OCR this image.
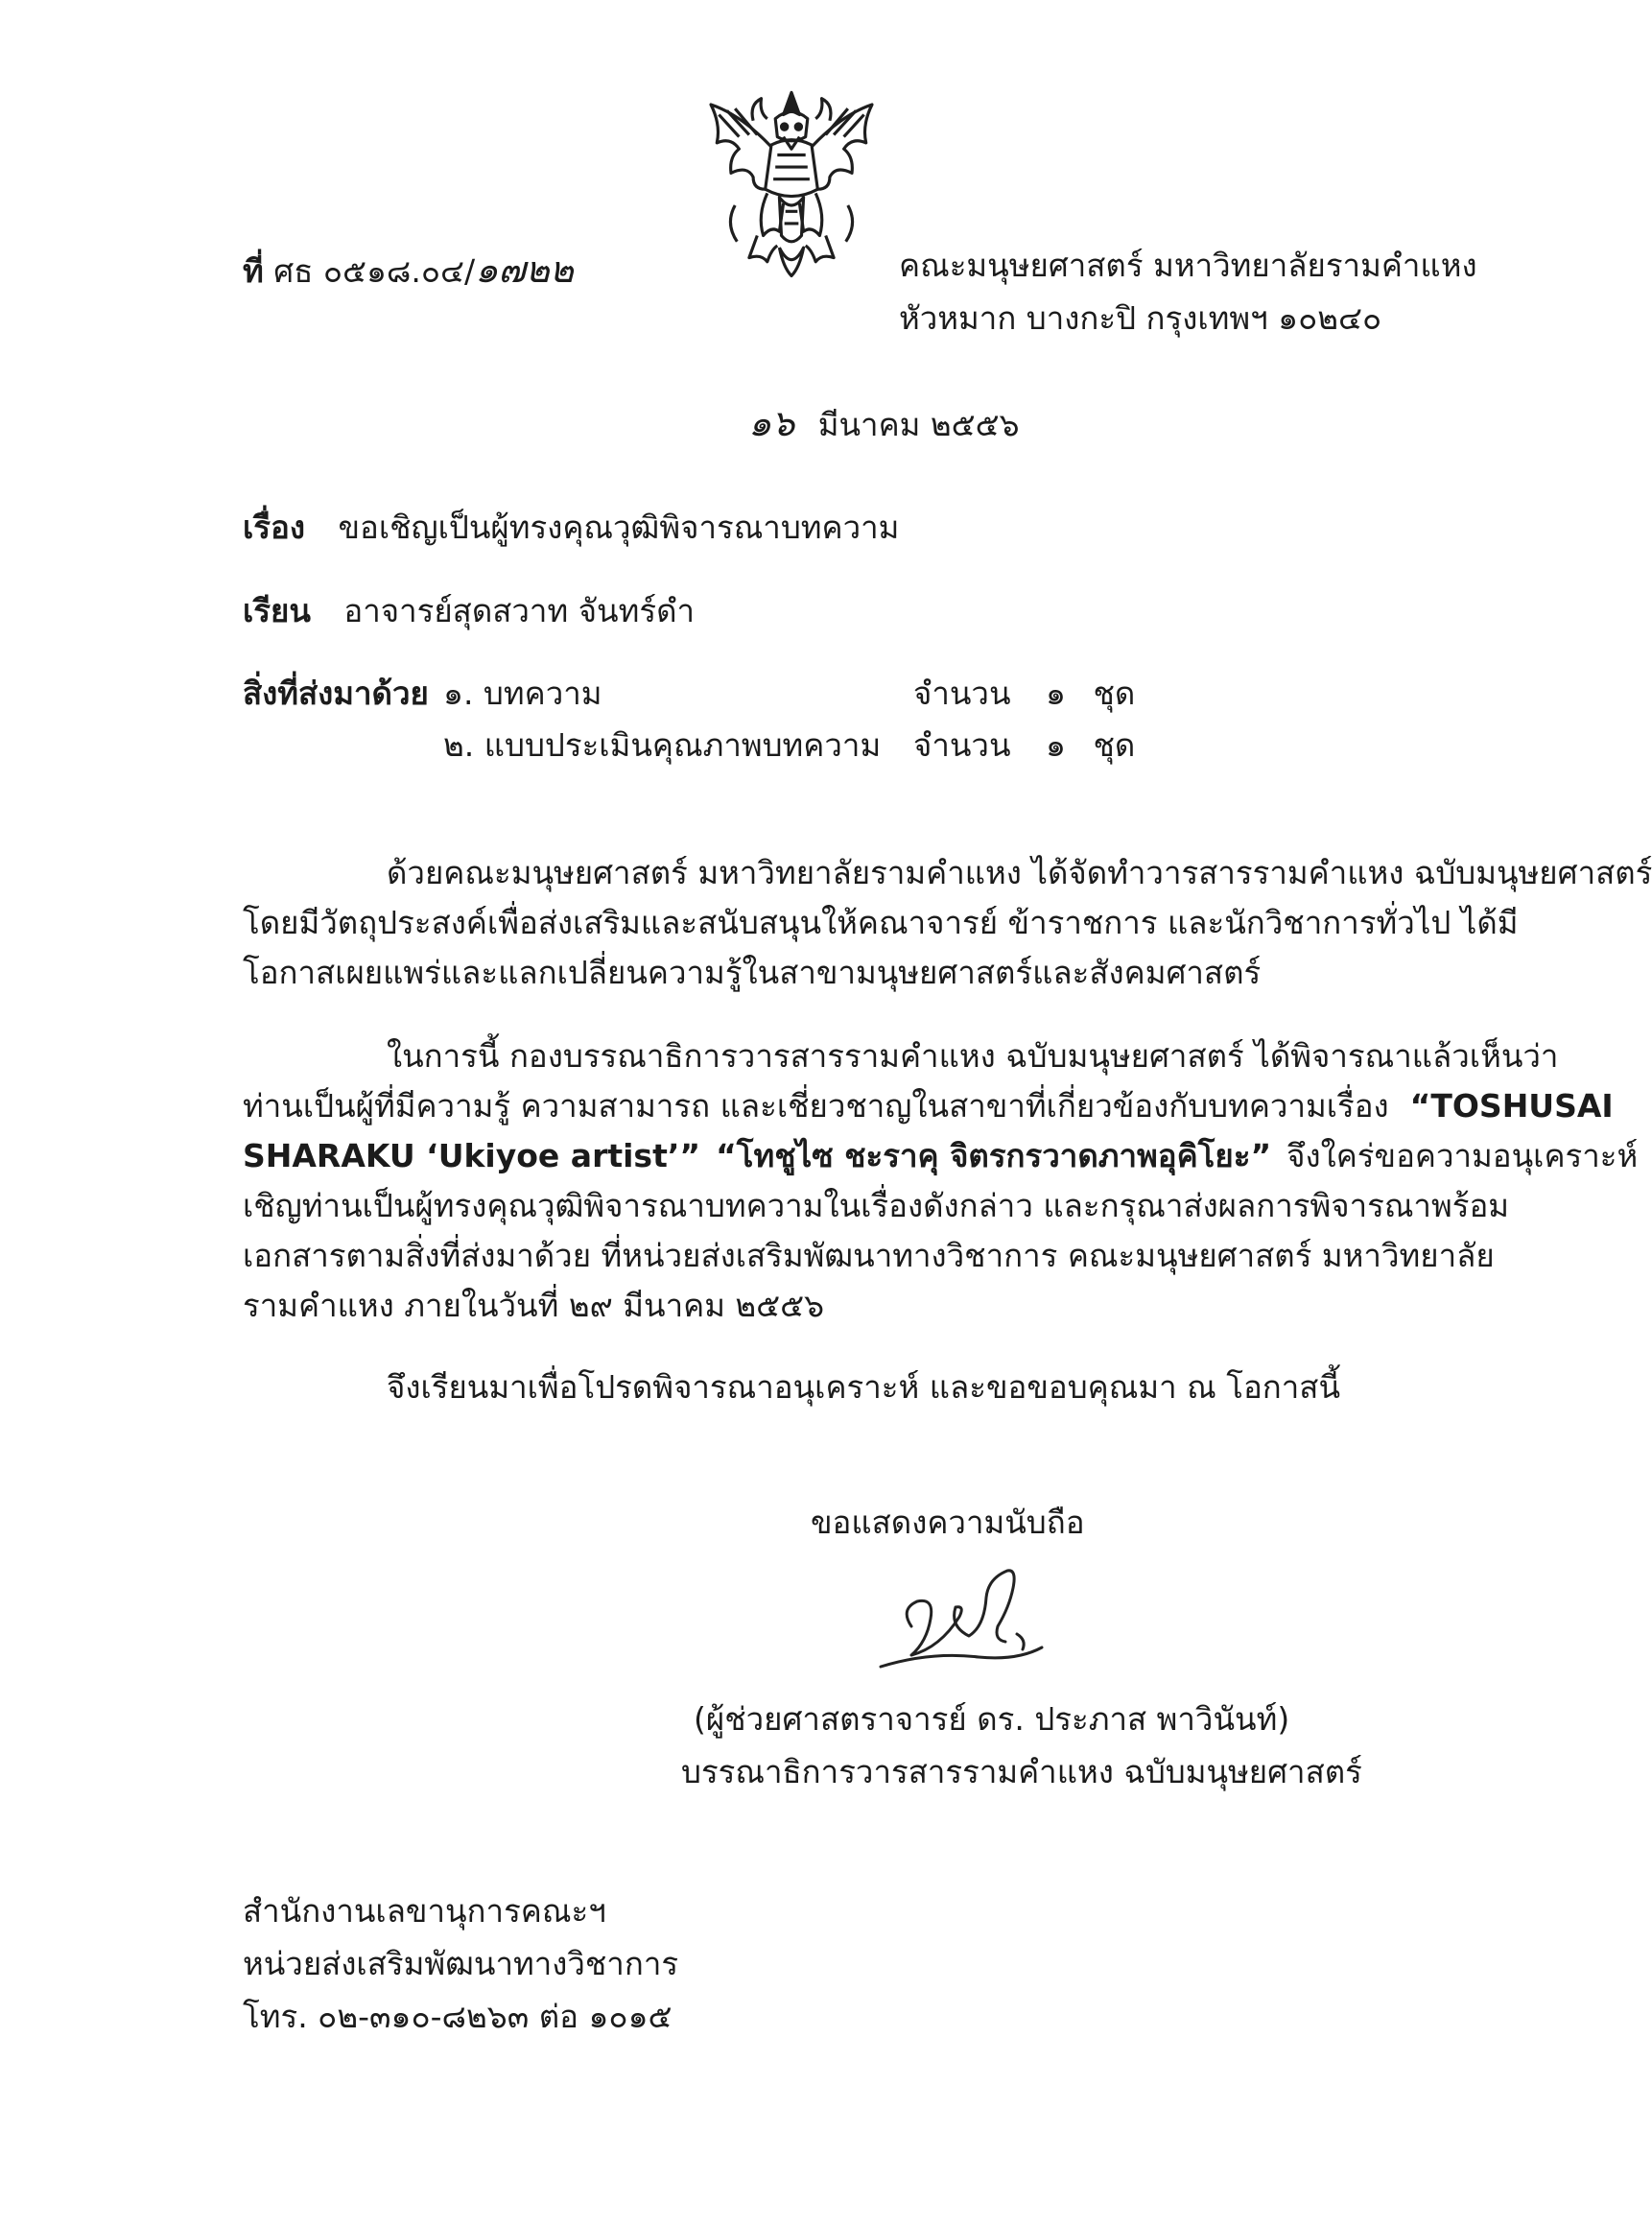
ที่ ศธ ๐๕๑๘.๐๔/๑๗๒๒	คณะมนุษยศาสตร์ มหาวิทยาลัยรามคำแหง
หัวหมาก บางกะปิ กรุงเทพฯ ๑๐๒๔๐
๑๖ มีนาคม ๒๕๕๖
เรื่อง ขอเชิญเป็นผู้ทรงคุณวุฒิพิจารณาบทความ
เรียน อาจารย์สุดสวาท จันทร์ดำ
สิ่งที่ส่งมาด้วย ๑. บทความ	จำนวน ๑ ชุด
๒. แบบประเมินคุณภาพบทความ จำนวน ๑ ชุด
ด้วยคณะมนุษยศาสตร์ มหาวิทยาลัยรามคำแหง ได้จัดทำวารสารรามคำแหง ฉบับมนุษยศาสตร์
โดยมีวัตถุประสงค์เพื่อส่งเสริมและสนับสนุนให้คณาจารย์ ข้าราชการ และนักวิชาการทั่วไป ได้มี
โอกาสเผยแพร่และแลกเปลี่ยนความรู้ในสาขามนุษยศาสตร์และสังคมศาสตร์
ในการนี้ กองบรรณาธิการวารสารรามคำแหง ฉบับมนุษยศาสตร์ ได้พิจารณาแล้วเห็นว่า
ท่านเป็นผู้ที่มีความรู้ ความสามารถ และเชี่ยวชาญในสาขาที่เกี่ยวข้องกับบทความเรื่อง “TOSHUSAI
SHARAKU ‘Ukiyoe artist’” “โทชูไซ ชะราคุ จิตรกรวาดภาพอุคิโยะ” จึงใคร่ขอความอนุเคราะห์
เชิญท่านเป็นผู้ทรงคุณวุฒิพิจารณาบทความในเรื่องดังกล่าว และกรุณาส่งผลการพิจารณาพร้อม
เอกสารตามสิ่งที่ส่งมาด้วย ที่หน่วยส่งเสริมพัฒนาทางวิชาการ คณะมนุษยศาสตร์ มหาวิทยาลัย
รามคำแหง ภายในวันที่ ๒๙ มีนาคม ๒๕๕๖
จึงเรียนมาเพื่อโปรดพิจารณาอนุเคราะห์ และขอขอบคุณมา ณ โอกาสนี้
ขอแสดงความนับถือ
(ผู้ช่วยศาสตราจารย์ ดร. ประภาส พาวินันท์)
บรรณาธิการวารสารรามคำแหง ฉบับมนุษยศาสตร์
สำนักงานเลขานุการคณะฯ
หน่วยส่งเสริมพัฒนาทางวิชาการ
โทร. ๐๒-๓๑๐-๘๒๖๓ ต่อ ๑๐๑๕
